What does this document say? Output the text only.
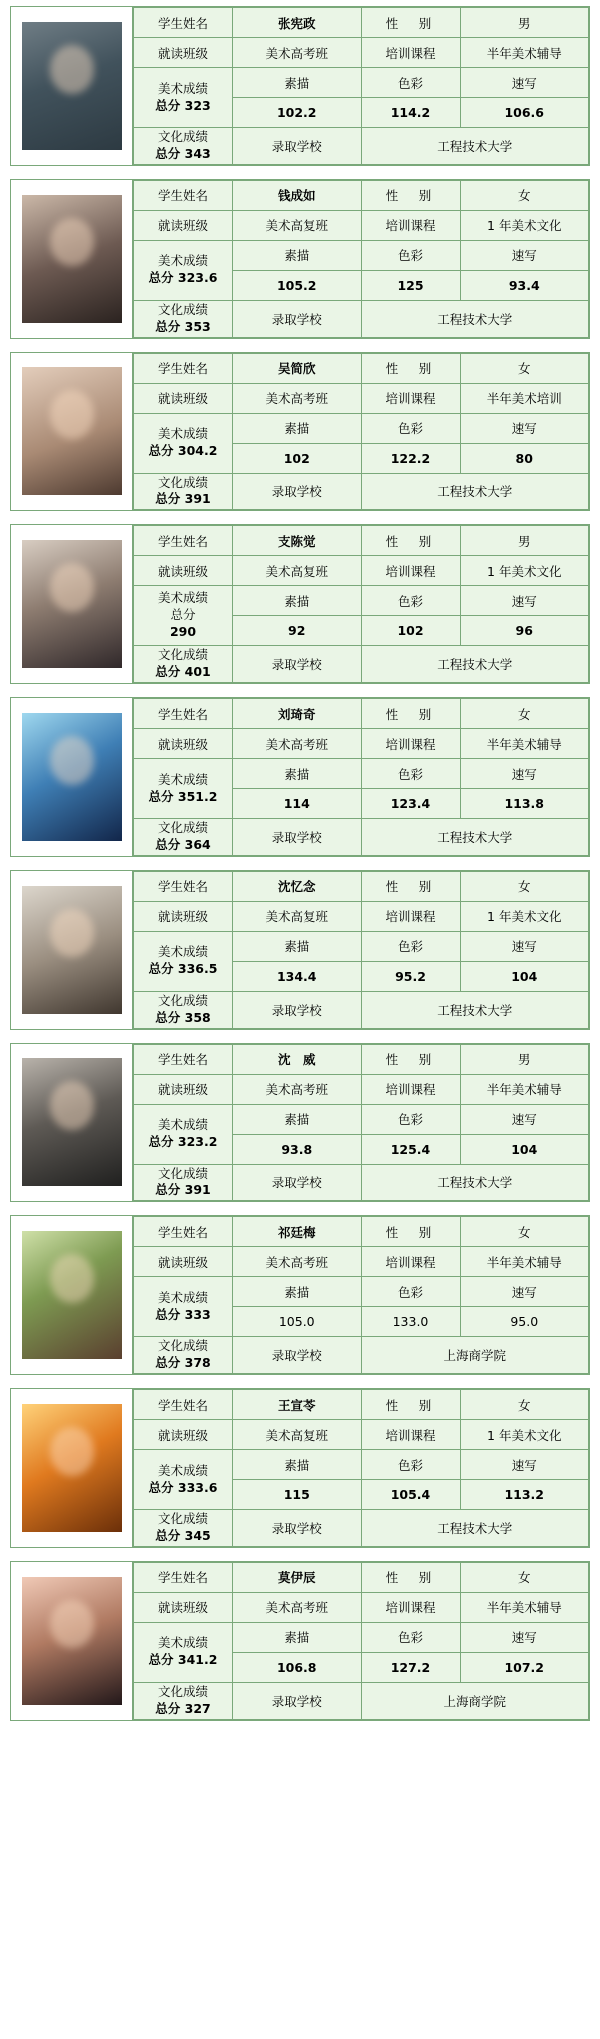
学生姓名	张宪政	性　别	男
就读班级	美术高考班	培训课程	半年美术辅导

美术成绩
总分 323	素描	色彩	速写
	102.2	114.2	106.6

文化成绩
总分 343	录取学校	工程技术大学	
学生姓名	钱成如	性　别	女
就读班级	美术高复班	培训课程	1 年美术文化

美术成绩
总分 323.6	素描	色彩	速写
	105.2	125	93.4

文化成绩
总分 353	录取学校	工程技术大学	
学生姓名	吴简欣	性　别	女
就读班级	美术高考班	培训课程	半年美术培训

美术成绩
总分 304.2	素描	色彩	速写
	102	122.2	80

文化成绩
总分 391	录取学校	工程技术大学	
学生姓名	支陈觉	性　别	男
就读班级	美术高复班	培训课程	1 年美术文化

美术成绩
总分
290	素描	色彩	速写
	92	102	96

文化成绩
总分 401	录取学校	工程技术大学	
学生姓名	刘琦奇	性　别	女
就读班级	美术高考班	培训课程	半年美术辅导

美术成绩
总分 351.2	素描	色彩	速写
	114	123.4	113.8

文化成绩
总分 364	录取学校	工程技术大学	
学生姓名	沈忆念	性　别	女
就读班级	美术高复班	培训课程	1 年美术文化

美术成绩
总分 336.5	素描	色彩	速写
	134.4	95.2	104

文化成绩
总分 358	录取学校	工程技术大学	
学生姓名	沈　威	性　别	男
就读班级	美术高考班	培训课程	半年美术辅导

美术成绩
总分 323.2	素描	色彩	速写
	93.8	125.4	104

文化成绩
总分 391	录取学校	工程技术大学	
学生姓名	祁廷梅	性　别	女
就读班级	美术高考班	培训课程	半年美术辅导

美术成绩
总分 333	素描	色彩	速写
	105.0	133.0	95.0

文化成绩
总分 378	录取学校	上海商学院	
学生姓名	王宣苓	性　别	女
就读班级	美术高复班	培训课程	1 年美术文化

美术成绩
总分 333.6	素描	色彩	速写
	115	105.4	113.2

文化成绩
总分 345	录取学校	工程技术大学	
学生姓名	莫伊辰	性　别	女
就读班级	美术高考班	培训课程	半年美术辅导

美术成绩
总分 341.2	素描	色彩	速写
	106.8	127.2	107.2

文化成绩
总分 327	录取学校	上海商学院	
